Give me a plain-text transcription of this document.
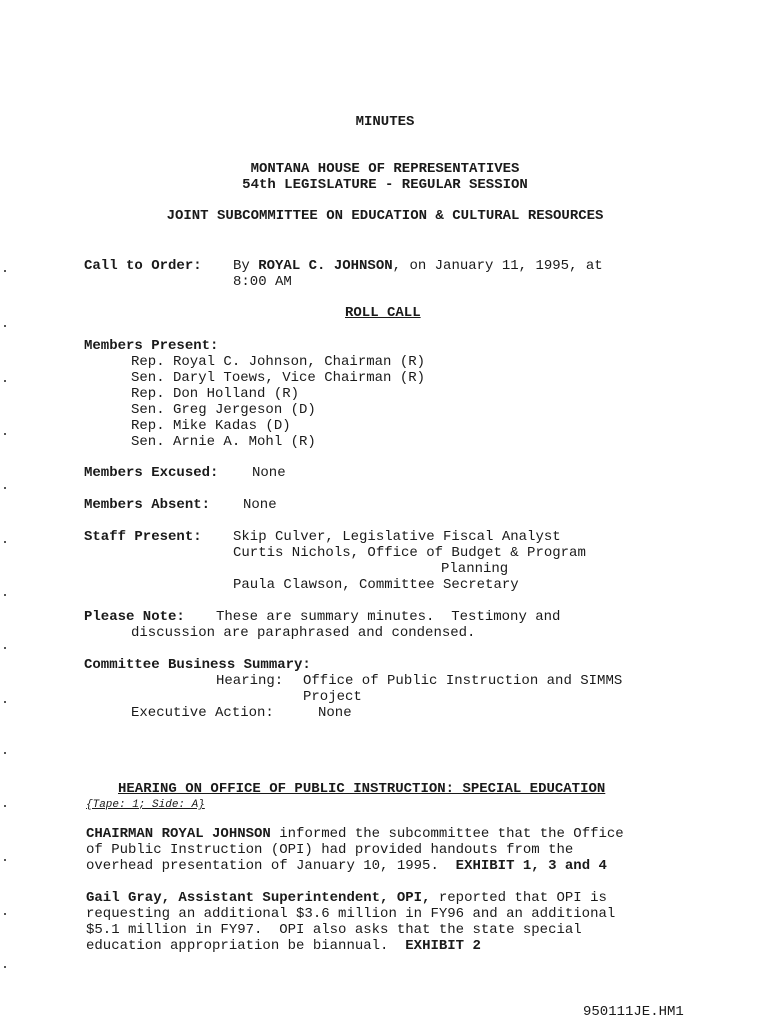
MINUTES
MONTANA HOUSE OF REPRESENTATIVES
54th LEGISLATURE - REGULAR SESSION
JOINT SUBCOMMITTEE ON EDUCATION & CULTURAL RESOURCES
Call to Order: By ROYAL C. JOHNSON, on January 11, 1995, at
8:00 AM
ROLL CALL
Members Present:
Rep. Royal C. Johnson, Chairman (R)
Sen. Daryl Toews, Vice Chairman (R)
Rep. Don Holland (R)
Sen. Greg Jergeson (D)
Rep. Mike Kadas (D)
Sen. Arnie A. Mohl (R)
Members Excused: None
Members Absent: None
Staff Present: Skip Culver, Legislative Fiscal Analyst
Curtis Nichols, Office of Budget & Program
Planning
Paula Clawson, Committee Secretary
Please Note: These are summary minutes.  Testimony and
discussion are paraphrased and condensed.
Committee Business Summary:
Hearing: Office of Public Instruction and SIMMS
Project
Executive Action:	None
HEARING ON OFFICE OF PUBLIC INSTRUCTION: SPECIAL EDUCATION
{Tape: 1; Side: A}
CHAIRMAN ROYAL JOHNSON informed the subcommittee that the Office
of Public Instruction (OPI) had provided handouts from the
overhead presentation of January 10, 1995. EXHIBIT 1, 3 and 4
Gail Gray, Assistant Superintendent, OPI, reported that OPI is
requesting an additional $3.6 million in FY96 and an additional
$5.1 million in FY97.  OPI also asks that the state special
education appropriation be biannual. EXHIBIT 2
950111JE.HM1
